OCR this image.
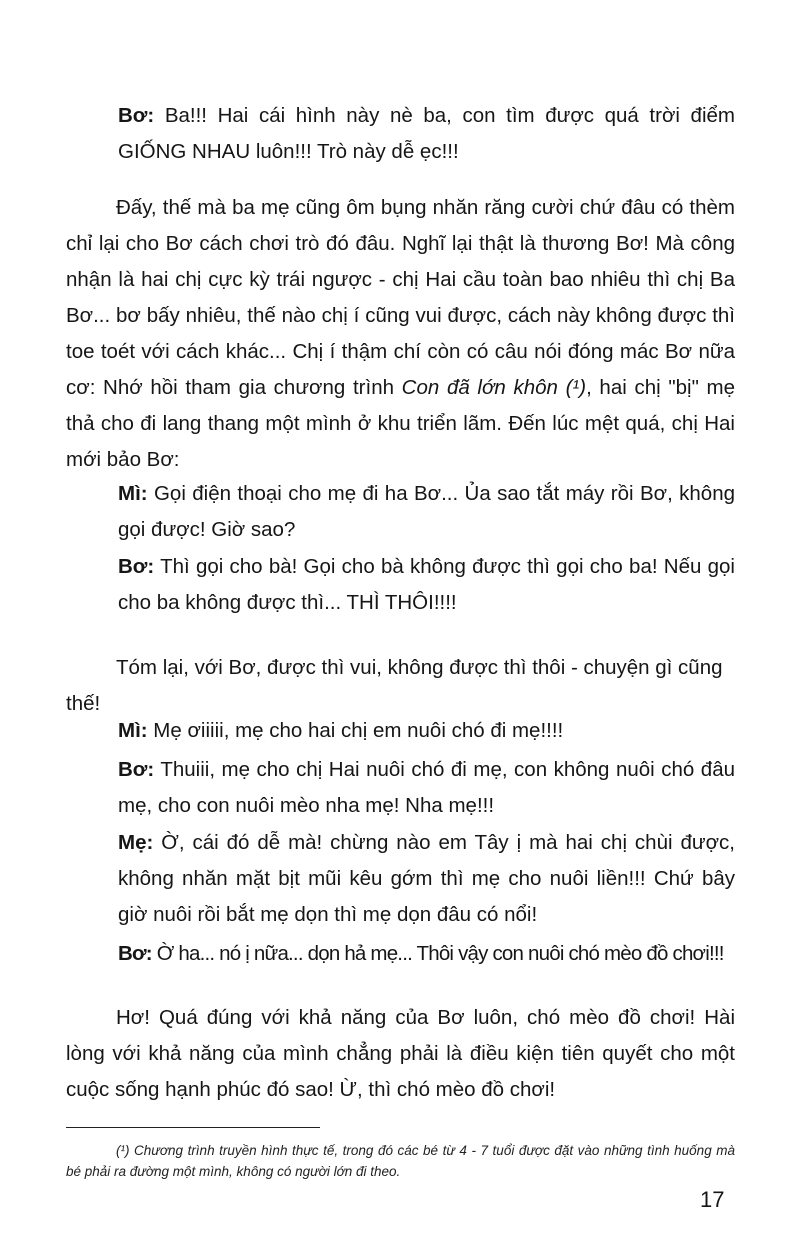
Bơ: Ba!!! Hai cái hình này nè ba, con tìm được quá trời điểm GIỐNG NHAU luôn!!! Trò này dễ ẹc!!!

Đấy, thế mà ba mẹ cũng ôm bụng nhăn răng cười chứ đâu có thèm chỉ lại cho Bơ cách chơi trò đó đâu. Nghĩ lại thật là thương Bơ! Mà công nhận là hai chị cực kỳ trái ngược - chị Hai cầu toàn bao nhiêu thì chị Ba Bơ... bơ bấy nhiêu, thế nào chị í cũng vui được, cách này không được thì toe toét với cách khác... Chị í thậm chí còn có câu nói đóng mác Bơ nữa cơ: Nhớ hồi tham gia chương trình Con đã lớn khôn (¹), hai chị "bị" mẹ thả cho đi lang thang một mình ở khu triển lãm. Đến lúc mệt quá, chị Hai mới bảo Bơ:

Mì: Gọi điện thoại cho mẹ đi ha Bơ... Ủa sao tắt máy rồi Bơ, không gọi được! Giờ sao?

Bơ: Thì gọi cho bà! Gọi cho bà không được thì gọi cho ba! Nếu gọi cho ba không được thì... THÌ THÔI!!!!

Tóm lại, với Bơ, được thì vui, không được thì thôi - chuyện gì cũng thế!

Mì: Mẹ ơiiiii, mẹ cho hai chị em nuôi chó đi mẹ!!!!

Bơ: Thuiii, mẹ cho chị Hai nuôi chó đi mẹ, con không nuôi chó đâu mẹ, cho con nuôi mèo nha mẹ! Nha mẹ!!!

Mẹ: Ờ, cái đó dễ mà! chừng nào em Tây ị mà hai chị chùi được, không nhăn mặt bịt mũi kêu gớm thì mẹ cho nuôi liền!!! Chứ bây giờ nuôi rồi bắt mẹ dọn thì mẹ dọn đâu có nổi!

Bơ: Ờ ha... nó ị nữa... dọn hả mẹ... Thôi vậy con nuôi chó mèo đồ chơi!!!

Hơ! Quá đúng với khả năng của Bơ luôn, chó mèo đồ chơi! Hài lòng với khả năng của mình chẳng phải là điều kiện tiên quyết cho một cuộc sống hạnh phúc đó sao! Ừ, thì chó mèo đồ chơi!

(¹) Chương trình truyền hình thực tế, trong đó các bé từ 4 - 7 tuổi được đặt vào những tình huống mà bé phải ra đường một mình, không có người lớn đi theo.

17
